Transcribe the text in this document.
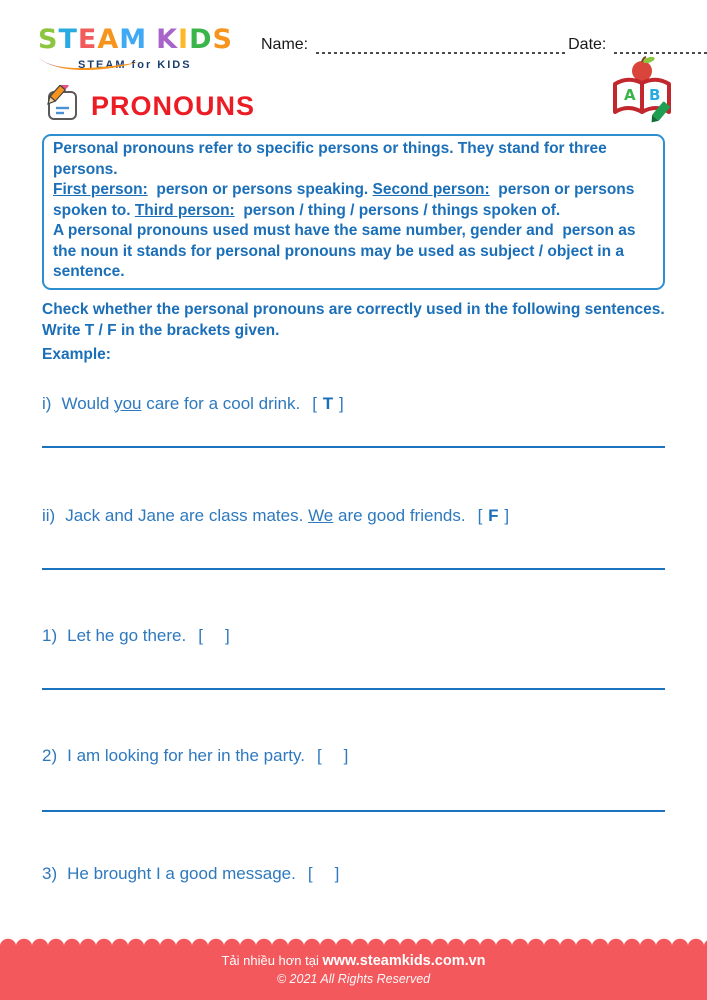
STEAM KIDS
STEAM for KIDS
Name:	Date:
A B
PRONOUNS
Personal pronouns refer to specific persons or things. They stand for three persons.
First person:  person or persons speaking. Second person:  person or persons spoken to. Third person:  person / thing / persons / things spoken of.
A personal pronouns used must have the same number, gender and  person as the noun it stands for personal pronouns may be used as subject / object in a sentence.
Check whether the personal pronouns are correctly used in the following sentences. Write T / F in the brackets given.
Example:
i) Would you care for a cool drink. [ T ]
ii) Jack and Jane are class mates. We are good friends. [ F ]
1) Let he go there. [ ]
2) I am looking for her in the party. [ ]
3) He brought I a good message. [ ]
Tải nhiều hơn tại www.steamkids.com.vn
© 2021 All Rights Reserved
